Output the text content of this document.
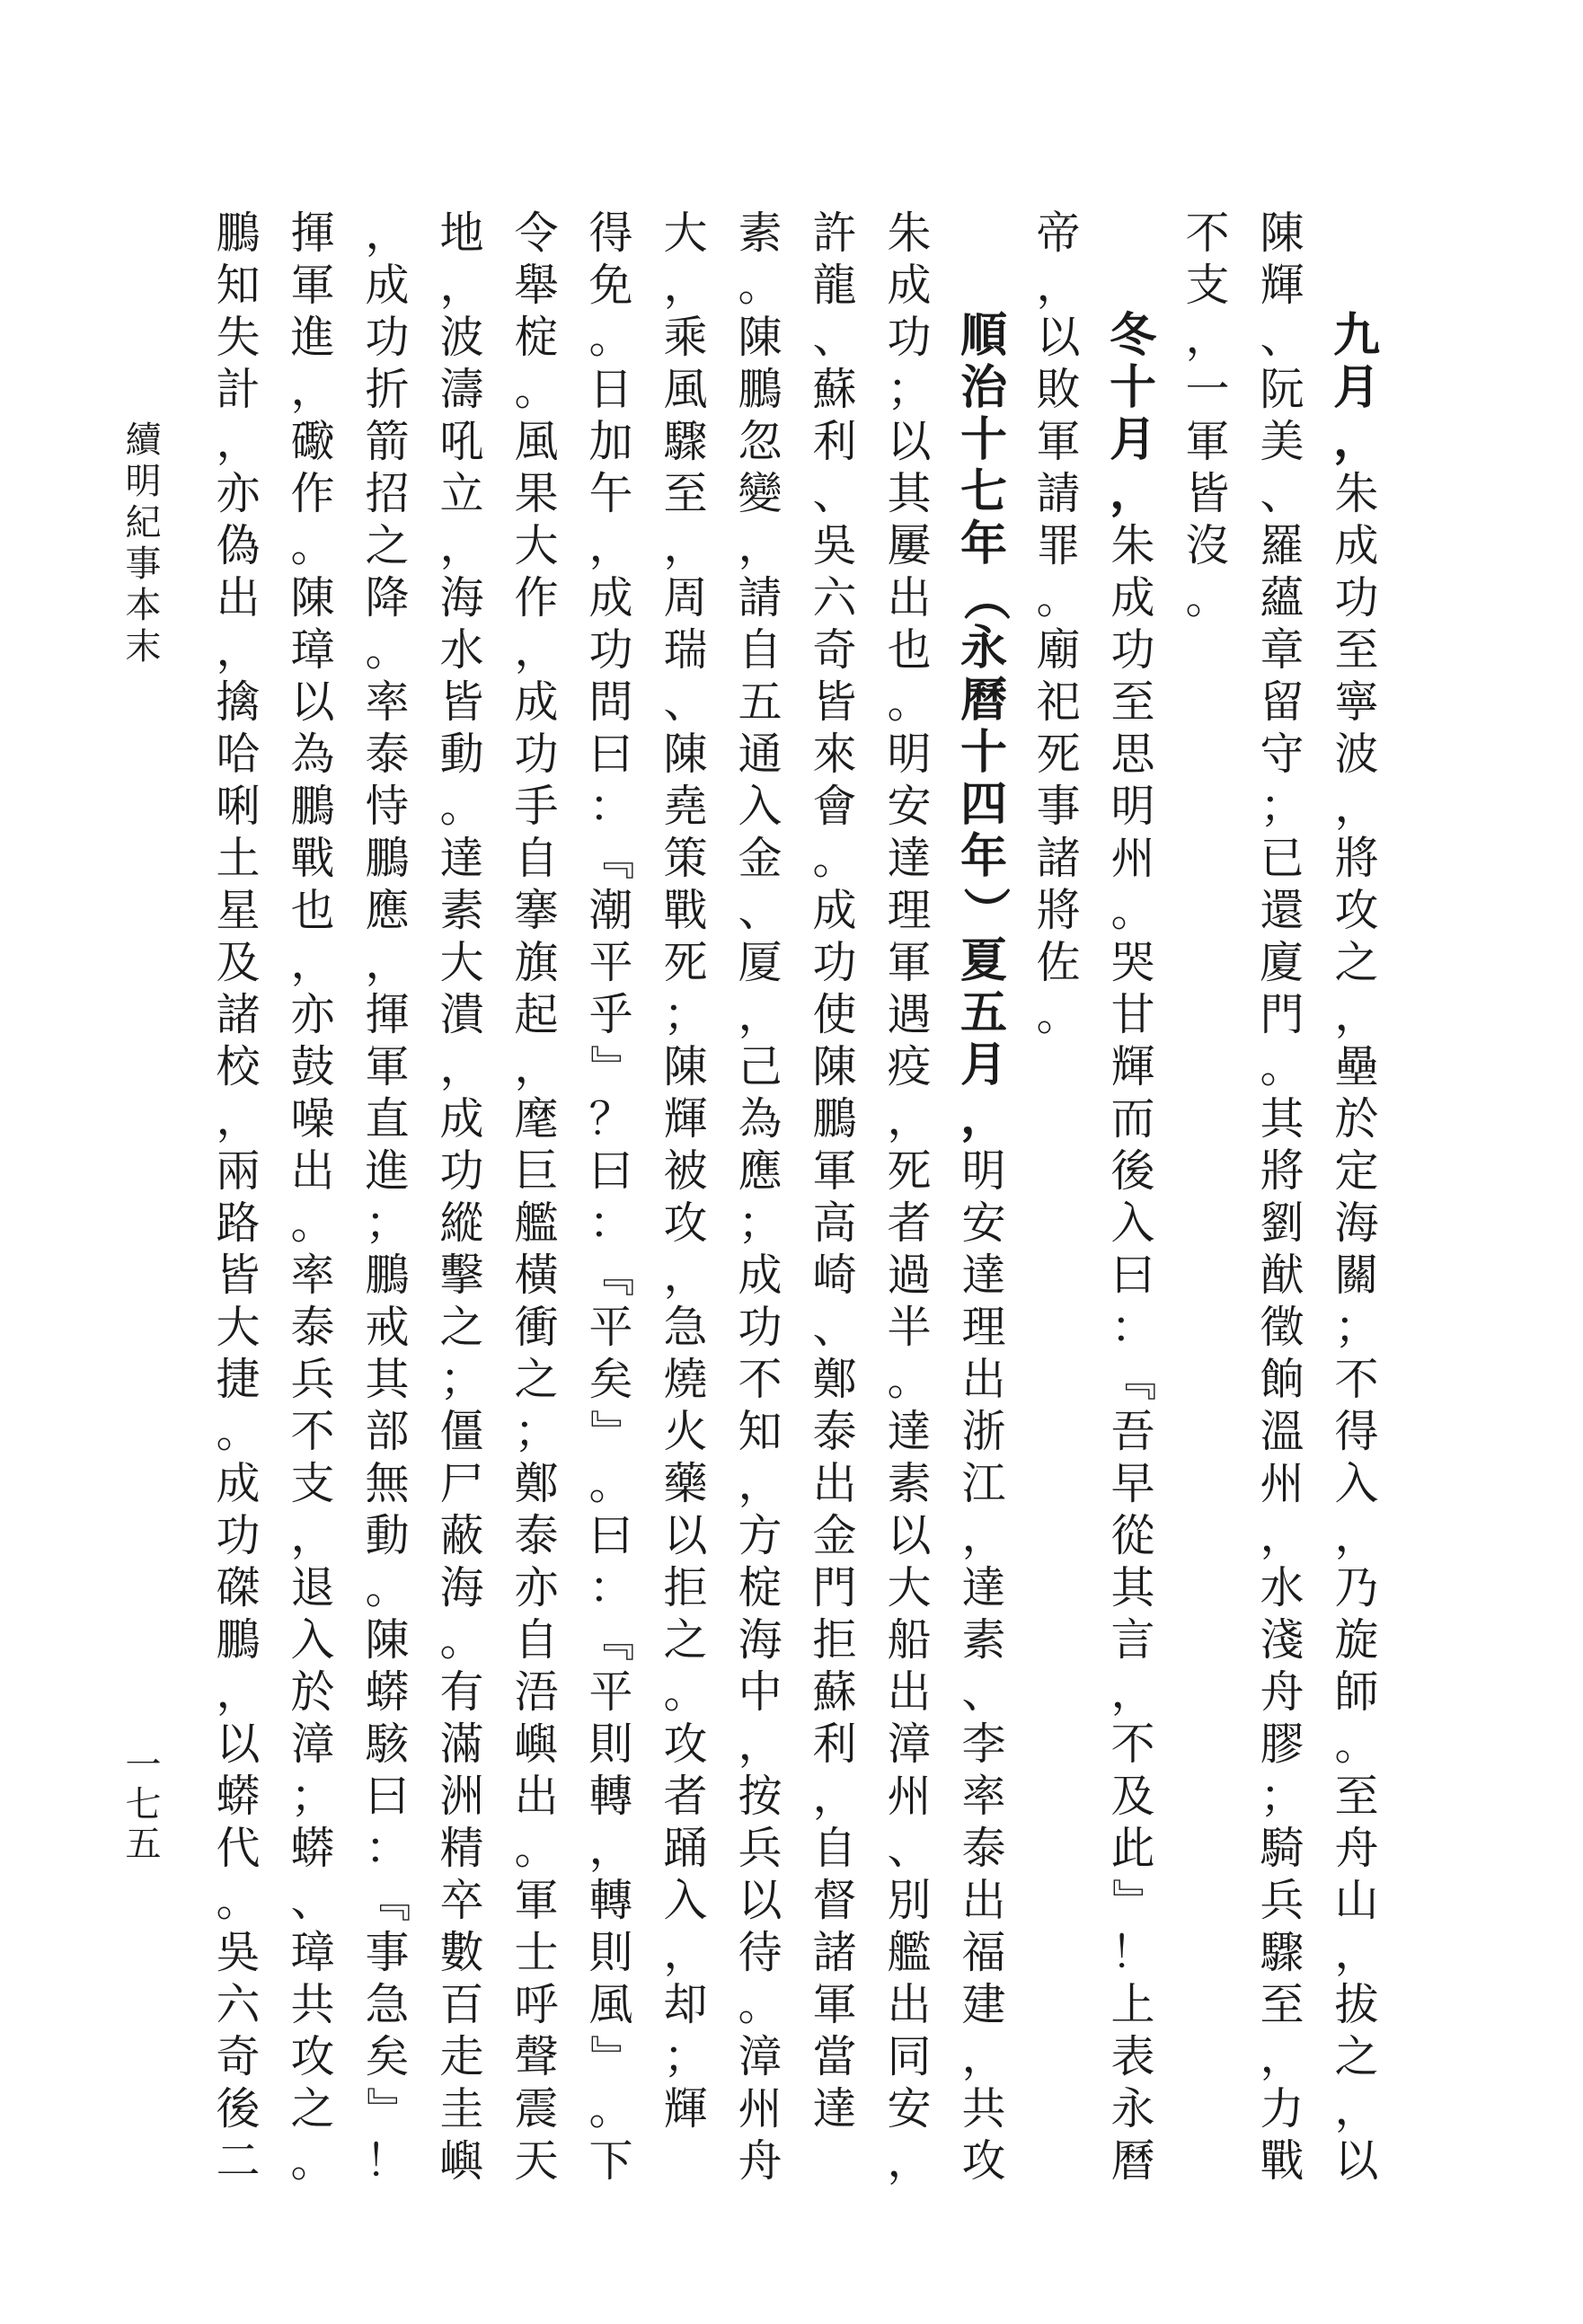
續明紀事本末
一七五
九
月
，
朱
成
功
至
寧
波
，
將
攻
之
，
壘
於
定
海
關
；
不
得
入
，
乃
旋
師
。
至
舟
山
，
拔
之
，
以
陳
輝
、
阮
美
、
羅
蘊
章
留
守
；
已
還
廈
門
。
其
將
劉
猷
徵
餉
溫
州
，
水
淺
舟
膠
；
騎
兵
驟
至
，
力
戰
不
支
，
一
軍
皆
沒
。
冬
十
月
，
朱
成
功
至
思
明
州
。
哭
甘
輝
而
後
入
曰
：
『
吾
早
從
其
言
，
不
及
此
』
！
上
表
永
曆
帝
，
以
敗
軍
請
罪
。
廟
祀
死
事
諸
將
佐
。
順
治
十
七
年
（
永
曆
十
四
年
）
夏
五
月
，
明
安
達
理
出
浙
江
，
達
素
、
李
率
泰
出
福
建
，
共
攻
朱
成
功
；
以
其
屢
出
也
。
明
安
達
理
軍
遇
疫
，
死
者
過
半
。
達
素
以
大
船
出
漳
州
、
別
艦
出
同
安
，
許
龍
、
蘇
利
、
吳
六
奇
皆
來
會
。
成
功
使
陳
鵬
軍
高
崎
、
鄭
泰
出
金
門
拒
蘇
利
，
自
督
諸
軍
當
達
素
。
陳
鵬
忽
變
，
請
自
五
通
入
金
、
厦
，
己
為
應
；
成
功
不
知
，
方
椗
海
中
，
按
兵
以
待
。
漳
州
舟
大
，
乘
風
驟
至
，
周
瑞
、
陳
堯
策
戰
死
；
陳
輝
被
攻
，
急
燒
火
藥
以
拒
之
。
攻
者
踊
入
，
却
；
輝
得
免
。
日
加
午
，
成
功
問
曰
：
『
潮
平
乎
』
？
曰
：
『
平
矣
』
。
曰
：
『
平
則
轉
，
轉
則
風
』
。
下
令
舉
椗
。
風
果
大
作
，
成
功
手
自
搴
旗
起
，
麾
巨
艦
橫
衝
之
；
鄭
泰
亦
自
浯
嶼
出
。
軍
士
呼
聲
震
天
地
，
波
濤
吼
立
，
海
水
皆
動
。
達
素
大
潰
，
成
功
縱
擊
之
；
僵
尸
蔽
海
。
有
滿
洲
精
卒
數
百
走
圭
嶼
，
成
功
折
箭
招
之
降
。
率
泰
恃
鵬
應
，
揮
軍
直
進
；
鵬
戒
其
部
無
動
。
陳
蟒
駭
曰
：
『
事
急
矣
』
！
揮
軍
進
，
礮
作
。
陳
璋
以
為
鵬
戰
也
，
亦
鼓
噪
出
。
率
泰
兵
不
支
，
退
入
於
漳
；
蟒
、
璋
共
攻
之
。
鵬
知
失
計
，
亦
偽
出
，
擒
哈
唎
土
星
及
諸
校
，
兩
路
皆
大
捷
。
成
功
磔
鵬
，
以
蟒
代
。
吳
六
奇
後
二
